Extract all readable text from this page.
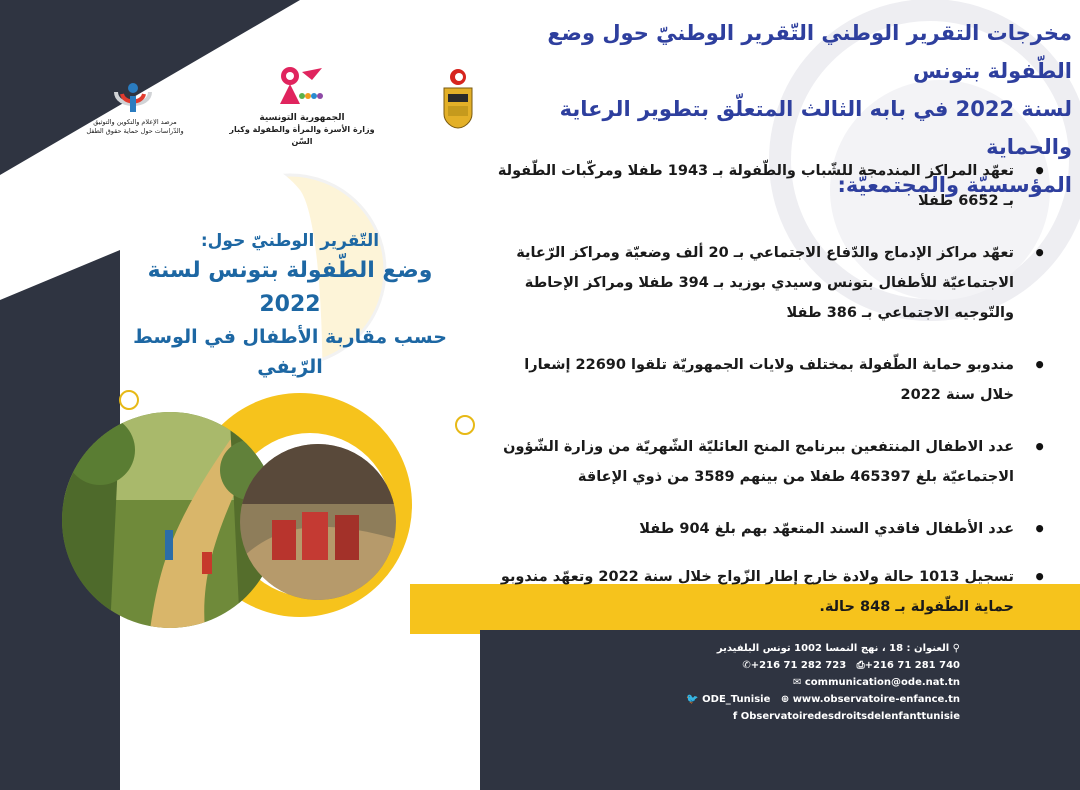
الجمهورية التونسية
وزارة الأسرة والمرأة والطفولة وكبار السّن
مرصد الإعلام والتكوين والتوثيق
والدّراسات حول حماية حقوق الطفل
مخرجات التقرير الوطني التّقرير الوطنيّ حول وضع الطّفولة بتونس
لسنة 2022 في بابه الثالث المتعلّق بتطوير الرعاية والحماية
المؤسسيّة والمجتمعيّة:
• تعهّد المراكز المندمجة للشّباب والطّفولة بـ 1943 طفلا ومركّبات الطّفولة بـ 6652 طفلا
• تعهّد مراكز الإدماج والدّفاع الاجتماعي بـ 20 ألف وضعيّة ومراكز الرّعاية الاجتماعيّة للأطفال بتونس وسيدي بوزيد بـ 394 طفلا ومراكز الإحاطة والتّوجيه الاجتماعي بـ 386 طفلا
• مندوبو حماية الطّفولة بمختلف ولايات الجمهوريّة تلقوا 22690 إشعارا خلال سنة 2022
• عدد الاطفال المنتفعين ببرنامج المنح العائليّة الشّهريّة من وزارة الشّؤون الاجتماعيّة بلغ 465397 طفلا من بينهم 3589 من ذوي الإعاقة
• عدد الأطفال فاقدي السند المتعهّد بهم بلغ 904 طفلا
• تسجيل 1013 حالة ولادة خارج إطار الزّواج خلال سنة 2022 وتعهّد مندوبو حماية الطّفولة بـ 848 حالة.
التّقرير الوطنيّ حول:
وضع الطّفولة بتونس لسنة 2022
حسب مقاربة الأطفال في الوسط الرّيفي
⚲ العنوان : 18 ، نهج النمسا 1002 تونس البلفيدير
✆+216 71 282 723 ⎙+216 71 281 740
✉ communication@ode.nat.tn
🐦 ODE_Tunisie ⊕ www.observatoire-enfance.tn
f Observatoiredesdroitsdelenfanttunisie
